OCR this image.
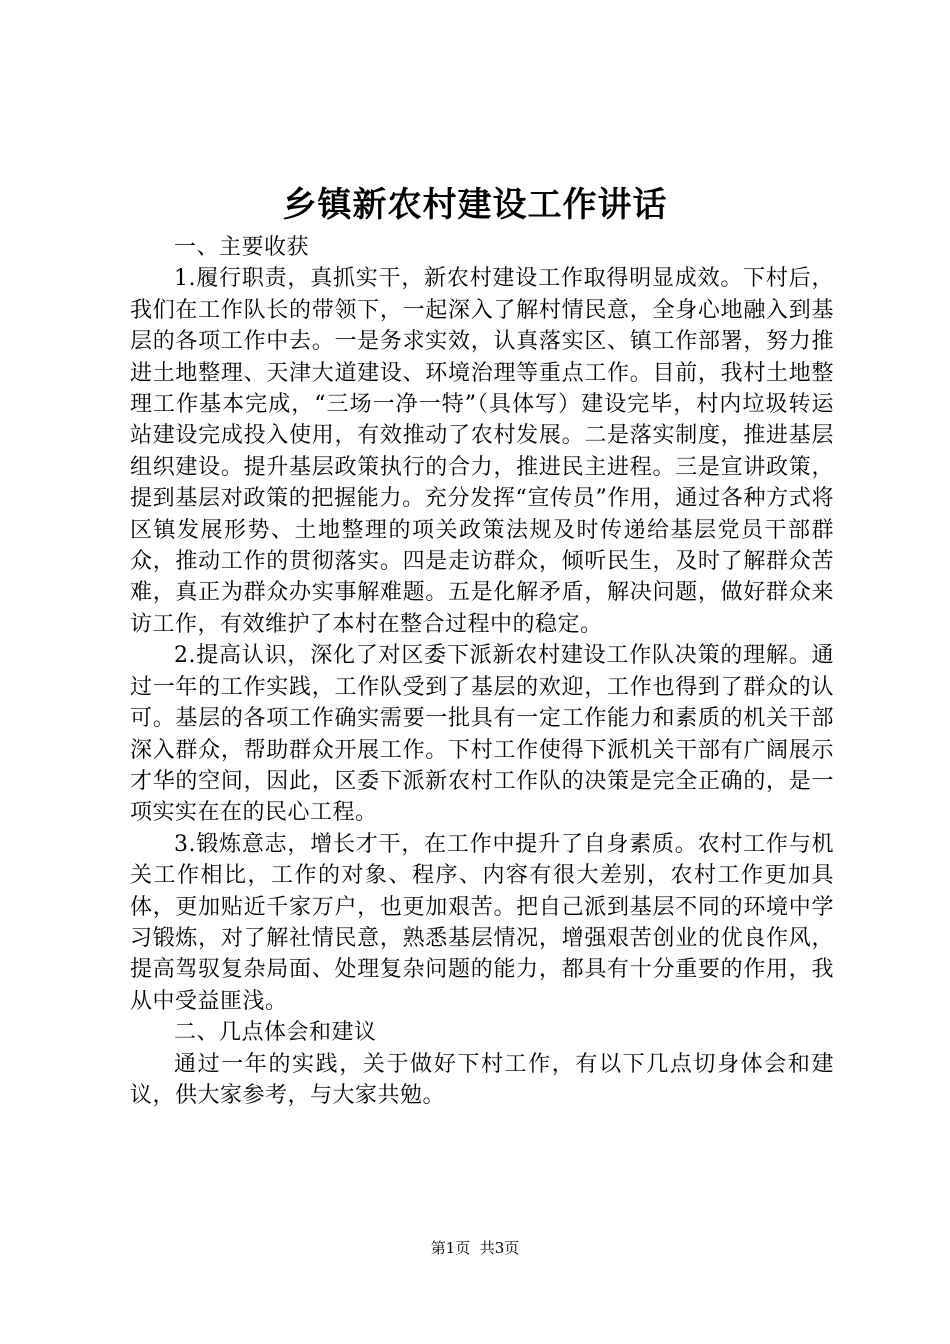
乡镇新农村建设工作讲话

一、主要收获

1.履行职责，真抓实干，新农村建设工作取得明显成效。下村后，我们在工作队长的带领下，一起深入了解村情民意，全身心地融入到基层的各项工作中去。一是务求实效，认真落实区、镇工作部署，努力推进土地整理、天津大道建设、环境治理等重点工作。目前，我村土地整理工作基本完成，“三场一净一特”（具体写）建设完毕，村内垃圾转运站建设完成投入使用，有效推动了农村发展。二是落实制度，推进基层组织建设。提升基层政策执行的合力，推进民主进程。三是宣讲政策，提到基层对政策的把握能力。充分发挥“宣传员”作用，通过各种方式将区镇发展形势、土地整理的项关政策法规及时传递给基层党员干部群众，推动工作的贯彻落实。四是走访群众，倾听民生，及时了解群众苦难，真正为群众办实事解难题。五是化解矛盾，解决问题，做好群众来访工作，有效维护了本村在整合过程中的稳定。

2.提高认识，深化了对区委下派新农村建设工作队决策的理解。通过一年的工作实践，工作队受到了基层的欢迎，工作也得到了群众的认可。基层的各项工作确实需要一批具有一定工作能力和素质的机关干部深入群众，帮助群众开展工作。下村工作使得下派机关干部有广阔展示才华的空间，因此，区委下派新农村工作队的决策是完全正确的，是一项实实在在的民心工程。

3.锻炼意志，增长才干，在工作中提升了自身素质。农村工作与机关工作相比，工作的对象、程序、内容有很大差别，农村工作更加具体，更加贴近千家万户，也更加艰苦。把自己派到基层不同的环境中学习锻炼，对了解社情民意，熟悉基层情况，增强艰苦创业的优良作风，提高驾驭复杂局面、处理复杂问题的能力，都具有十分重要的作用，我从中受益匪浅。

二、几点体会和建议

通过一年的实践，关于做好下村工作，有以下几点切身体会和建议，供大家参考，与大家共勉。

第1页  共3页
